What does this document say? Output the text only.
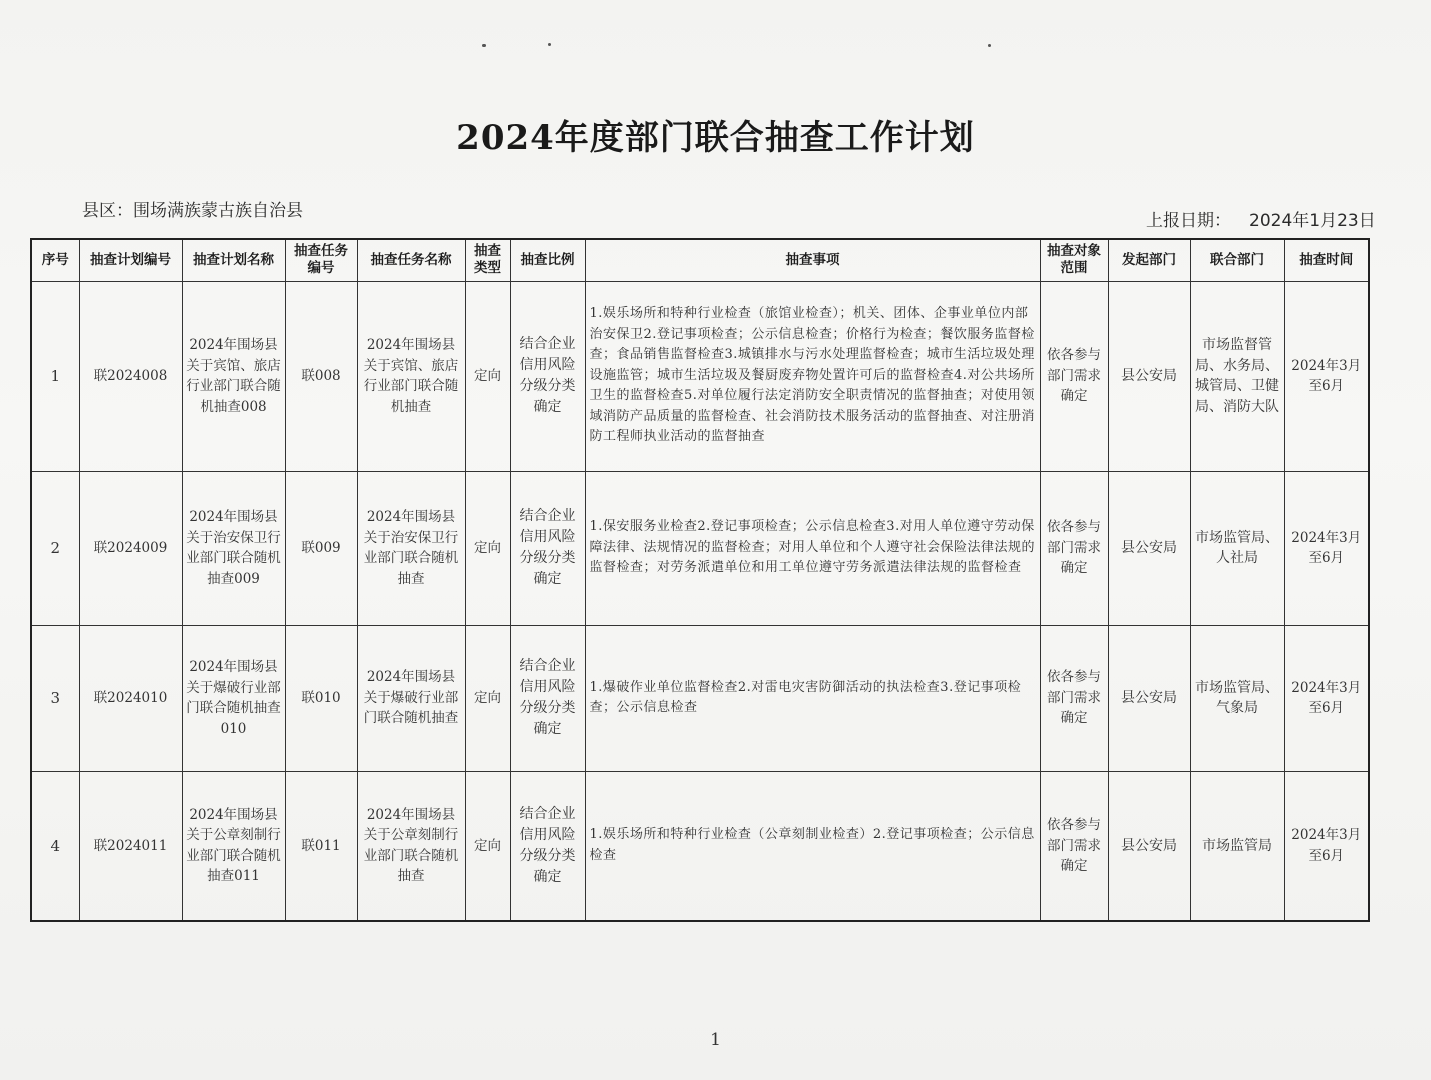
2024年度部门联合抽查工作计划
县区：围场满族蒙古族自治县	上报日期： 2024年1月23日
序号	抽查计划编号	抽查计划名称	抽查任务编号	抽查任务名称	抽查类型	抽查比例	抽查事项	抽查对象范围	发起部门	联合部门	抽查时间
1	联2024008	2024年围场县关于宾馆、旅店行业部门联合随机抽查008	联008	2024年围场县关于宾馆、旅店行业部门联合随机抽查	定向	结合企业信用风险分级分类确定	1.娱乐场所和特种行业检查（旅馆业检查）；机关、团体、企事业单位内部治安保卫2.登记事项检查；公示信息检查；价格行为检查；餐饮服务监督检查；食品销售监督检查3.城镇排水与污水处理监督检查；城市生活垃圾处理设施监管；城市生活垃圾及餐厨废弃物处置许可后的监督检查4.对公共场所卫生的监督检查5.对单位履行法定消防安全职责情况的监督抽查；对使用领域消防产品质量的监督检查、社会消防技术服务活动的监督抽查、对注册消防工程师执业活动的监督抽查	依各参与部门需求确定	县公安局	市场监督管局、水务局、城管局、卫健局、消防大队	2024年3月至6月
2	联2024009	2024年围场县关于治安保卫行业部门联合随机抽查009	联009	2024年围场县关于治安保卫行业部门联合随机抽查	定向	结合企业信用风险分级分类确定	1.保安服务业检查2.登记事项检查；公示信息检查3.对用人单位遵守劳动保障法律、法规情况的监督检查；对用人单位和个人遵守社会保险法律法规的监督检查；对劳务派遣单位和用工单位遵守劳务派遣法律法规的监督检查	依各参与部门需求确定	县公安局	市场监管局、人社局	2024年3月至6月
3	联2024010	2024年围场县关于爆破行业部门联合随机抽查010	联010	2024年围场县关于爆破行业部门联合随机抽查	定向	结合企业信用风险分级分类确定	1.爆破作业单位监督检查2.对雷电灾害防御活动的执法检查3.登记事项检查；公示信息检查	依各参与部门需求确定	县公安局	市场监管局、气象局	2024年3月至6月
4	联2024011	2024年围场县关于公章刻制行业部门联合随机抽查011	联011	2024年围场县关于公章刻制行业部门联合随机抽查	定向	结合企业信用风险分级分类确定	1.娱乐场所和特种行业检查（公章刻制业检查）2.登记事项检查；公示信息检查	依各参与部门需求确定	县公安局	市场监管局	2024年3月至6月
1
